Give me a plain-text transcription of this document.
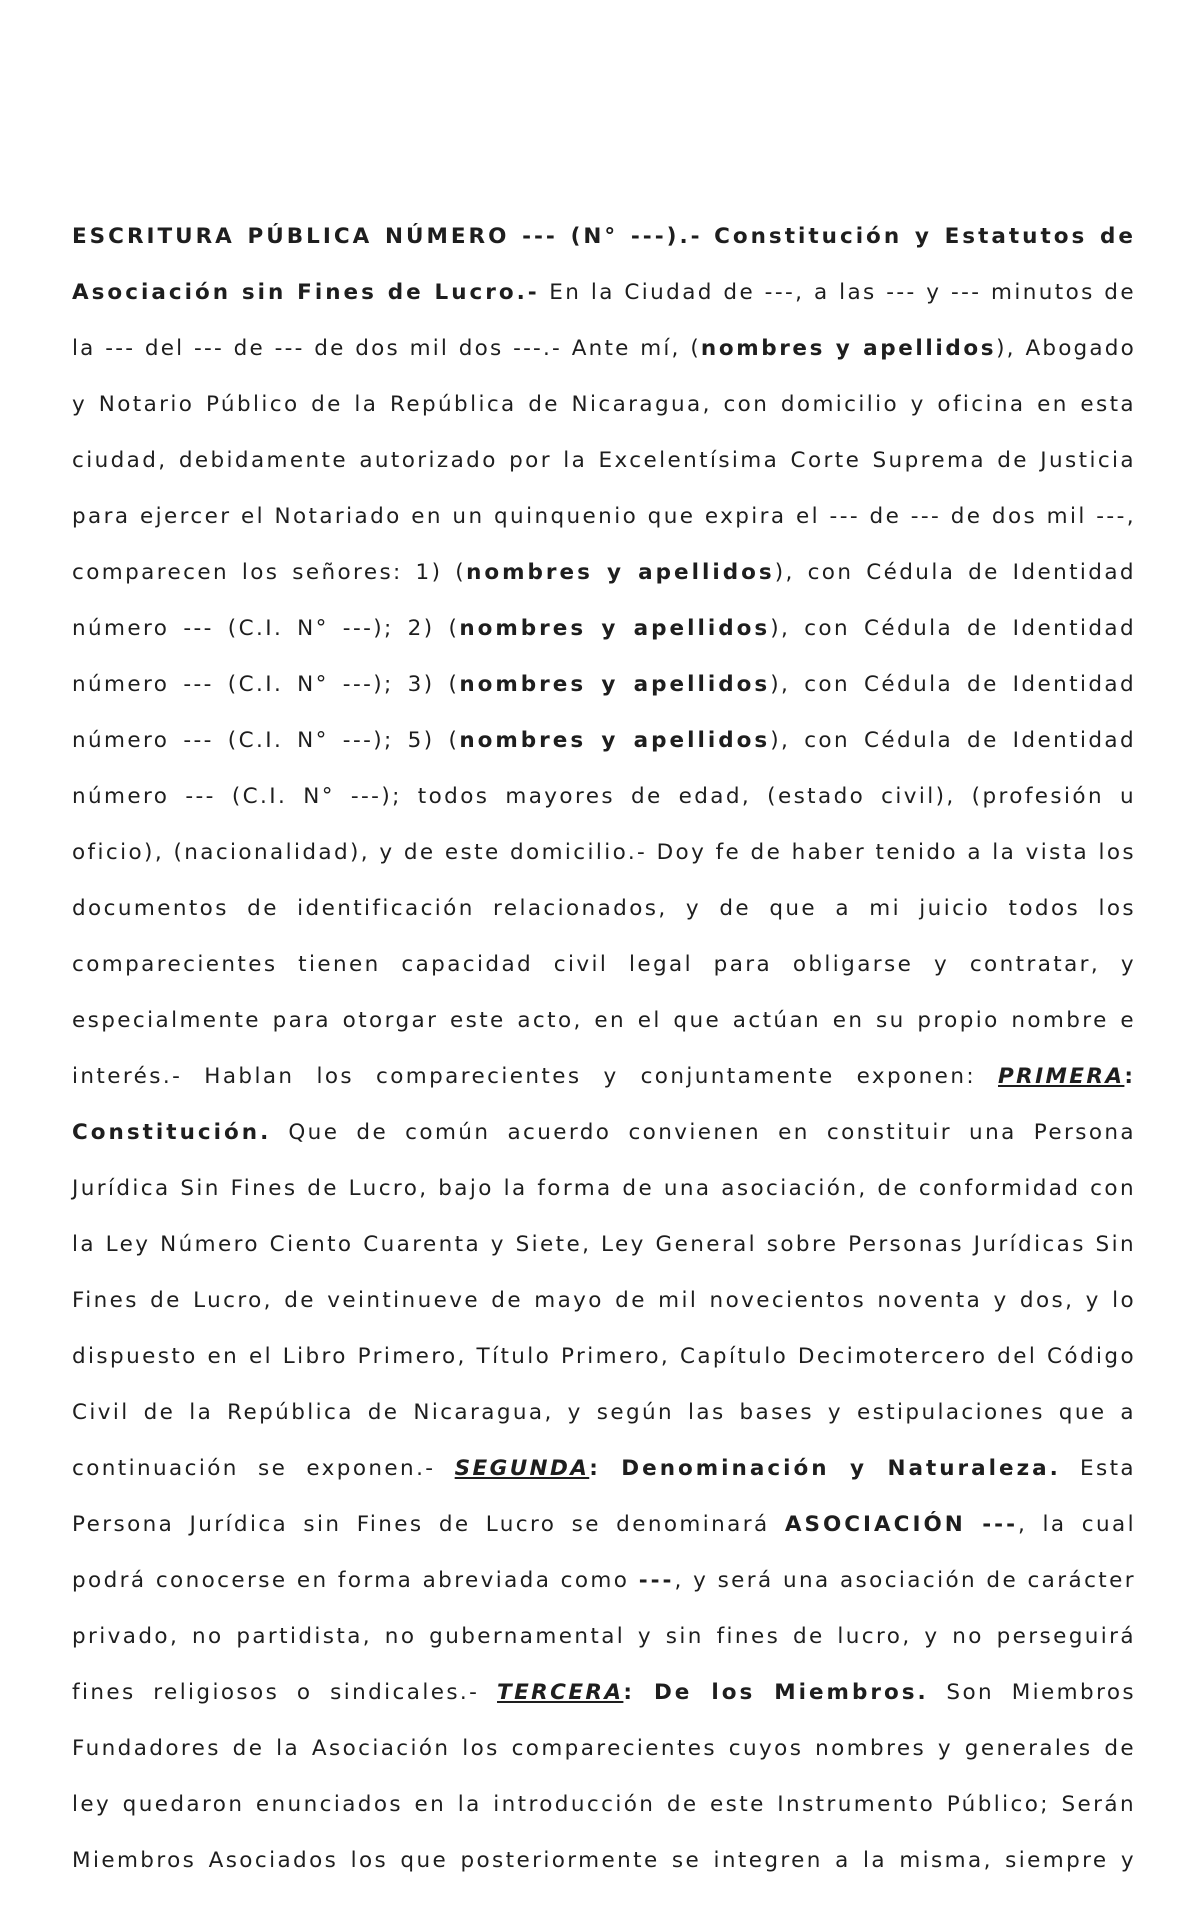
ESCRITURA PÚBLICA NÚMERO --- (N° ---).- Constitución y Estatutos de
Asociación sin Fines de Lucro.- En la Ciudad de ---, a las --- y --- minutos de
la --- del --- de --- de dos mil dos ---.- Ante mí, (nombres y apellidos), Abogado
y Notario Público de la República de Nicaragua, con domicilio y oficina en esta
ciudad, debidamente autorizado por la Excelentísima Corte Suprema de Justicia
para ejercer el Notariado en un quinquenio que expira el --- de --- de dos mil ---,
comparecen los señores: 1) (nombres y apellidos), con Cédula de Identidad
número --- (C.I. N° ---); 2) (nombres y apellidos), con Cédula de Identidad
número --- (C.I. N° ---); 3) (nombres y apellidos), con Cédula de Identidad
número --- (C.I. N° ---); 5) (nombres y apellidos), con Cédula de Identidad
número --- (C.I. N° ---); todos mayores de edad, (estado civil), (profesión u
oficio), (nacionalidad), y de este domicilio.- Doy fe de haber tenido a la vista los
documentos de identificación relacionados, y de que a mi juicio todos los
comparecientes tienen capacidad civil legal para obligarse y contratar, y
especialmente para otorgar este acto, en el que actúan en su propio nombre e
interés.- Hablan los comparecientes y conjuntamente exponen: PRIMERA:
Constitución. Que de común acuerdo convienen en constituir una Persona
Jurídica Sin Fines de Lucro, bajo la forma de una asociación, de conformidad con
la Ley Número Ciento Cuarenta y Siete, Ley General sobre Personas Jurídicas Sin
Fines de Lucro, de veintinueve de mayo de mil novecientos noventa y dos, y lo
dispuesto en el Libro Primero, Título Primero, Capítulo Decimotercero del Código
Civil de la República de Nicaragua, y según las bases y estipulaciones que a
continuación se exponen.- SEGUNDA: Denominación y Naturaleza. Esta
Persona Jurídica sin Fines de Lucro se denominará ASOCIACIÓN ---, la cual
podrá conocerse en forma abreviada como ---, y será una asociación de carácter
privado, no partidista, no gubernamental y sin fines de lucro, y no perseguirá
fines religiosos o sindicales.- TERCERA: De los Miembros. Son Miembros
Fundadores de la Asociación los comparecientes cuyos nombres y generales de
ley quedaron enunciados en la introducción de este Instrumento Público; Serán
Miembros Asociados los que posteriormente se integren a la misma, siempre y
